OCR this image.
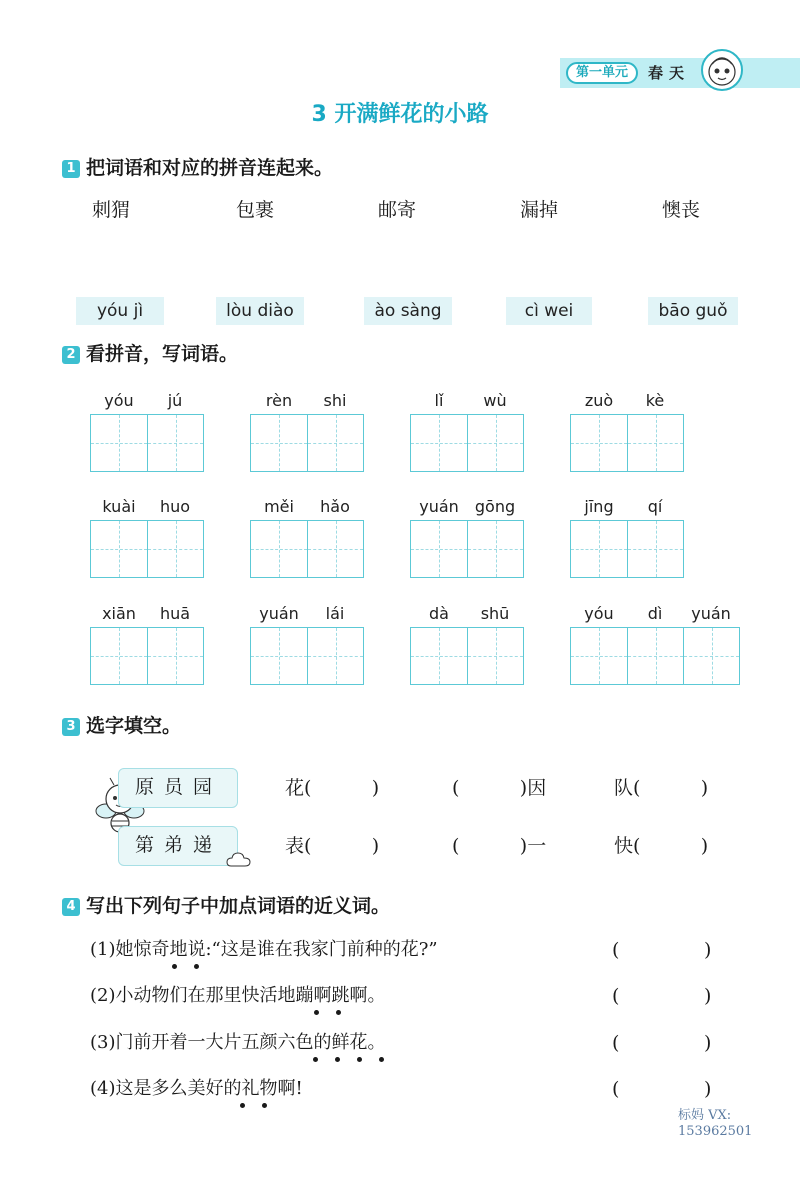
第一单元	春天
3 开满鲜花的小路
1 把词语和对应的拼音连起来。
刺猬	包裹	邮寄	漏掉	懊丧
yóu jì	lòu diào	ào sàng	cì wei	bāo guǒ
2 看拼音，写词语。
yóu	jú	rèn	shi	lǐ	wù	zuò	kè
kuài	huo	měi	hǎo	yuán	gōng	jīng	qí
xiān	huā	yuán	lái	dà	shū	yóu	dì	yuán
3 选字填空。
原员园
第弟递
花(          )	(          )因	队(          )
表(          )	(          )一	快(          )
4 写出下列句子中加点词语的近义词。
(1)她惊奇地说:“这是谁在我家门前种的花?”	(              )
(2)小动物们在那里快活地蹦啊跳啊。	(              )
(3)门前开着一大片五颜六色的鲜花。	(              )
(4)这是多么美好的礼物啊!	(              )
标妈 VX:
153962501
